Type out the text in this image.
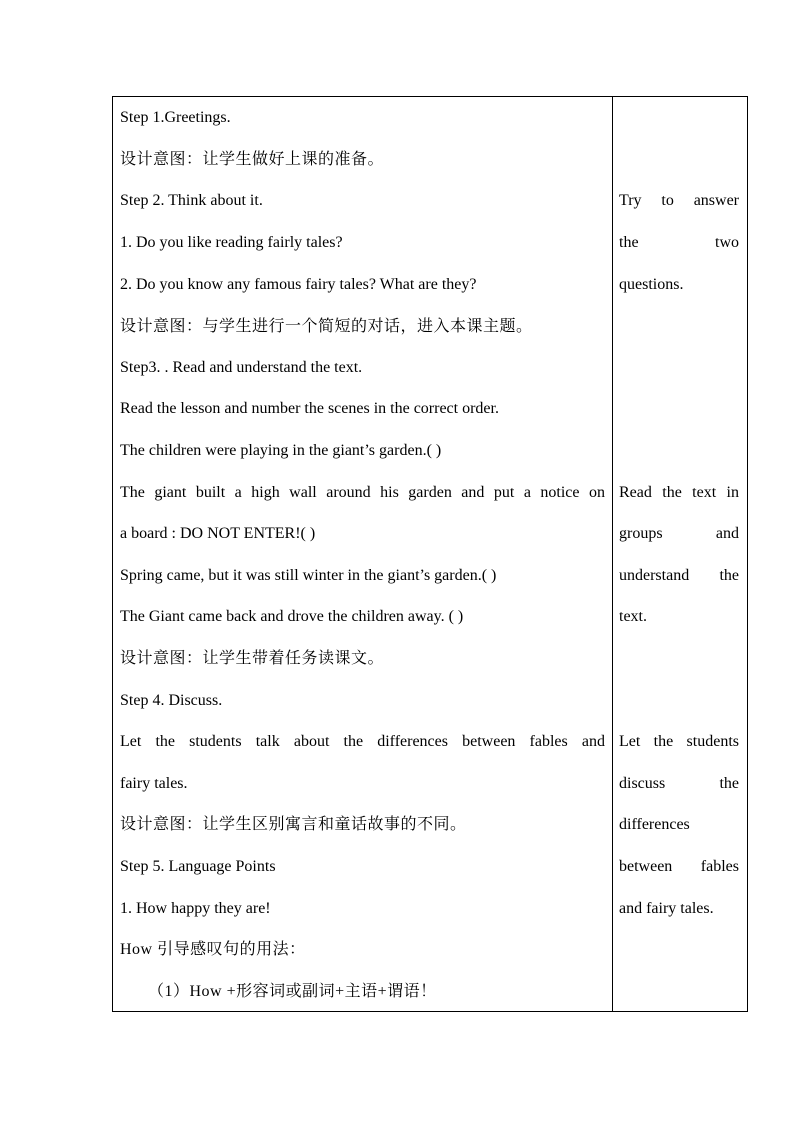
Step 1.Greetings.
设计意图：让学生做好上课的准备。
Step 2. Think about it.
1. Do you like reading fairly tales?
2. Do you know any famous fairy tales? What are they?
设计意图：与学生进行一个简短的对话，进入本课主题。
Step3. . Read and understand the text.
Read the lesson and number the scenes in the correct order.
The children were playing in the giant’s garden.( )
The giant built a high wall around his garden and put a notice on
a board : DO NOT ENTER!( )
Spring came, but it was still winter in the giant’s garden.( )
The Giant came back and drove the children away. ( )
设计意图：让学生带着任务读课文。
Step 4. Discuss.
Let the students talk about the differences between fables and
fairy tales.
设计意图：让学生区别寓言和童话故事的不同。
Step 5. Language Points
1. How happy they are!
How 引导感叹句的用法：
（1）How +形容词或副词+主语+谓语！
Try to answer
the two
questions.
Read the text in
groups and
understand the
text.
Let the students
discuss the
differences
between fables
and fairy tales.
